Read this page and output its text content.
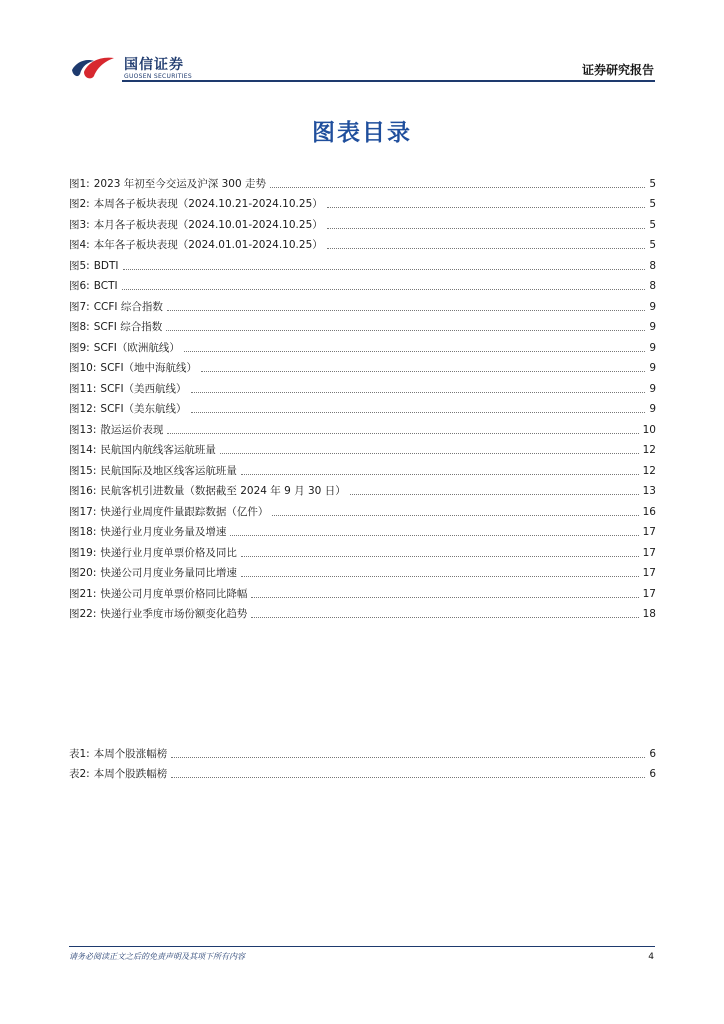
国信证券
GUOSEN SECURITIES	证券研究报告
图表目录
图1: 2023 年初至今交运及沪深 300 走势	5
图2: 本周各子板块表现（2024.10.21-2024.10.25）	5
图3: 本月各子板块表现（2024.10.01-2024.10.25）	5
图4: 本年各子板块表现（2024.01.01-2024.10.25）	5
图5: BDTI	8
图6: BCTI	8
图7: CCFI 综合指数	9
图8: SCFI 综合指数	9
图9: SCFI（欧洲航线）	9
图10: SCFI（地中海航线）	9
图11: SCFI（美西航线）	9
图12: SCFI（美东航线）	9
图13: 散运运价表现	10
图14: 民航国内航线客运航班量	12
图15: 民航国际及地区线客运航班量	12
图16: 民航客机引进数量（数据截至 2024 年 9 月 30 日）	13
图17: 快递行业周度件量跟踪数据（亿件）	16
图18: 快递行业月度业务量及增速	17
图19: 快递行业月度单票价格及同比	17
图20: 快递公司月度业务量同比增速	17
图21: 快递公司月度单票价格同比降幅	17
图22: 快递行业季度市场份额变化趋势	18
表1: 本周个股涨幅榜	6
表2: 本周个股跌幅榜	6
请务必阅读正文之后的免责声明及其项下所有内容	4
